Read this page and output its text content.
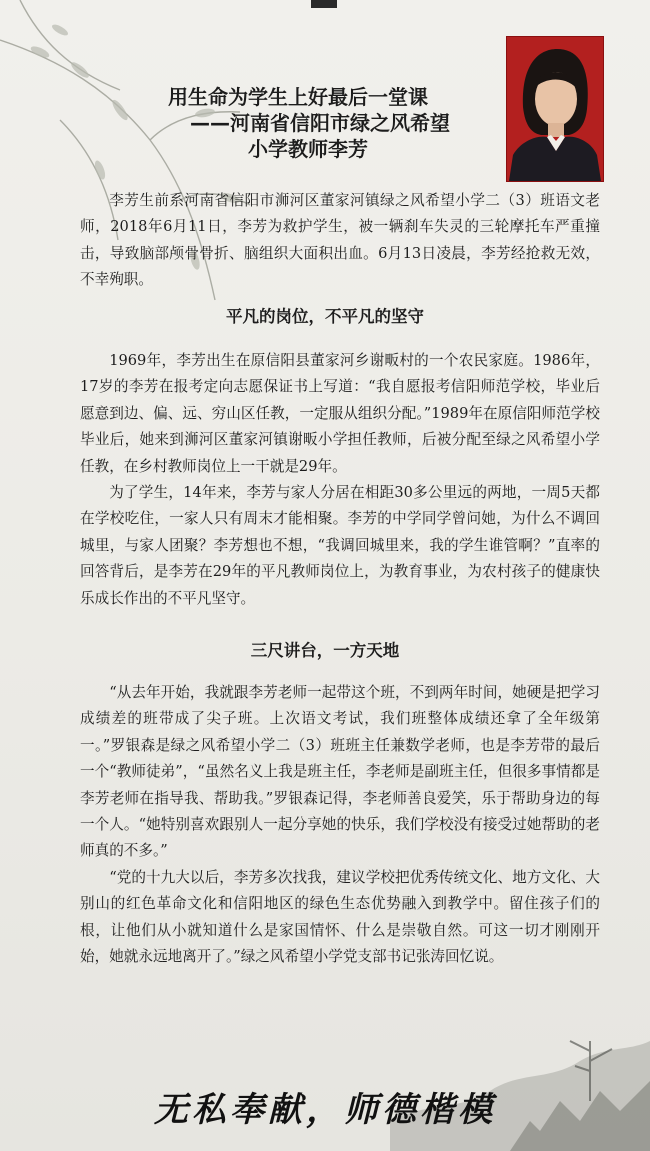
用生命为学生上好最后一堂课
——河南省信阳市绿之风希望
小学教师李芳

李芳生前系河南省信阳市浉河区董家河镇绿之风希望小学二（3）班语文老师，2018年6月11日，李芳为救护学生，被一辆刹车失灵的三轮摩托车严重撞击，导致脑部颅骨骨折、脑组织大面积出血。6月13日凌晨，李芳经抢救无效，不幸殉职。

平凡的岗位，不平凡的坚守

1969年，李芳出生在原信阳县董家河乡谢畈村的一个农民家庭。1986年，17岁的李芳在报考定向志愿保证书上写道：“我自愿报考信阳师范学校，毕业后愿意到边、偏、远、穷山区任教，一定服从组织分配。”1989年在原信阳师范学校毕业后，她来到浉河区董家河镇谢畈小学担任教师，后被分配至绿之风希望小学任教，在乡村教师岗位上一干就是29年。

为了学生，14年来，李芳与家人分居在相距30多公里远的两地，一周5天都在学校吃住，一家人只有周末才能相聚。李芳的中学同学曾问她，为什么不调回城里，与家人团聚？李芳想也不想，“我调回城里来，我的学生谁管啊？”直率的回答背后，是李芳在29年的平凡教师岗位上，为教育事业，为农村孩子的健康快乐成长作出的不平凡坚守。

三尺讲台，一方天地

“从去年开始，我就跟李芳老师一起带这个班，不到两年时间，她硬是把学习成绩差的班带成了尖子班。上次语文考试，我们班整体成绩还拿了全年级第一。”罗银森是绿之风希望小学二（3）班班主任兼数学老师，也是李芳带的最后一个“教师徒弟”，“虽然名义上我是班主任，李老师是副班主任，但很多事情都是李芳老师在指导我、帮助我。”罗银森记得，李老师善良爱笑，乐于帮助身边的每一个人。“她特别喜欢跟别人一起分享她的快乐，我们学校没有接受过她帮助的老师真的不多。”

“党的十九大以后，李芳多次找我，建议学校把优秀传统文化、地方文化、大别山的红色革命文化和信阳地区的绿色生态优势融入到教学中。留住孩子们的根，让他们从小就知道什么是家国情怀、什么是崇敬自然。可这一切才刚刚开始，她就永远地离开了。”绿之风希望小学党支部书记张涛回忆说。

无私奉献，师德楷模
